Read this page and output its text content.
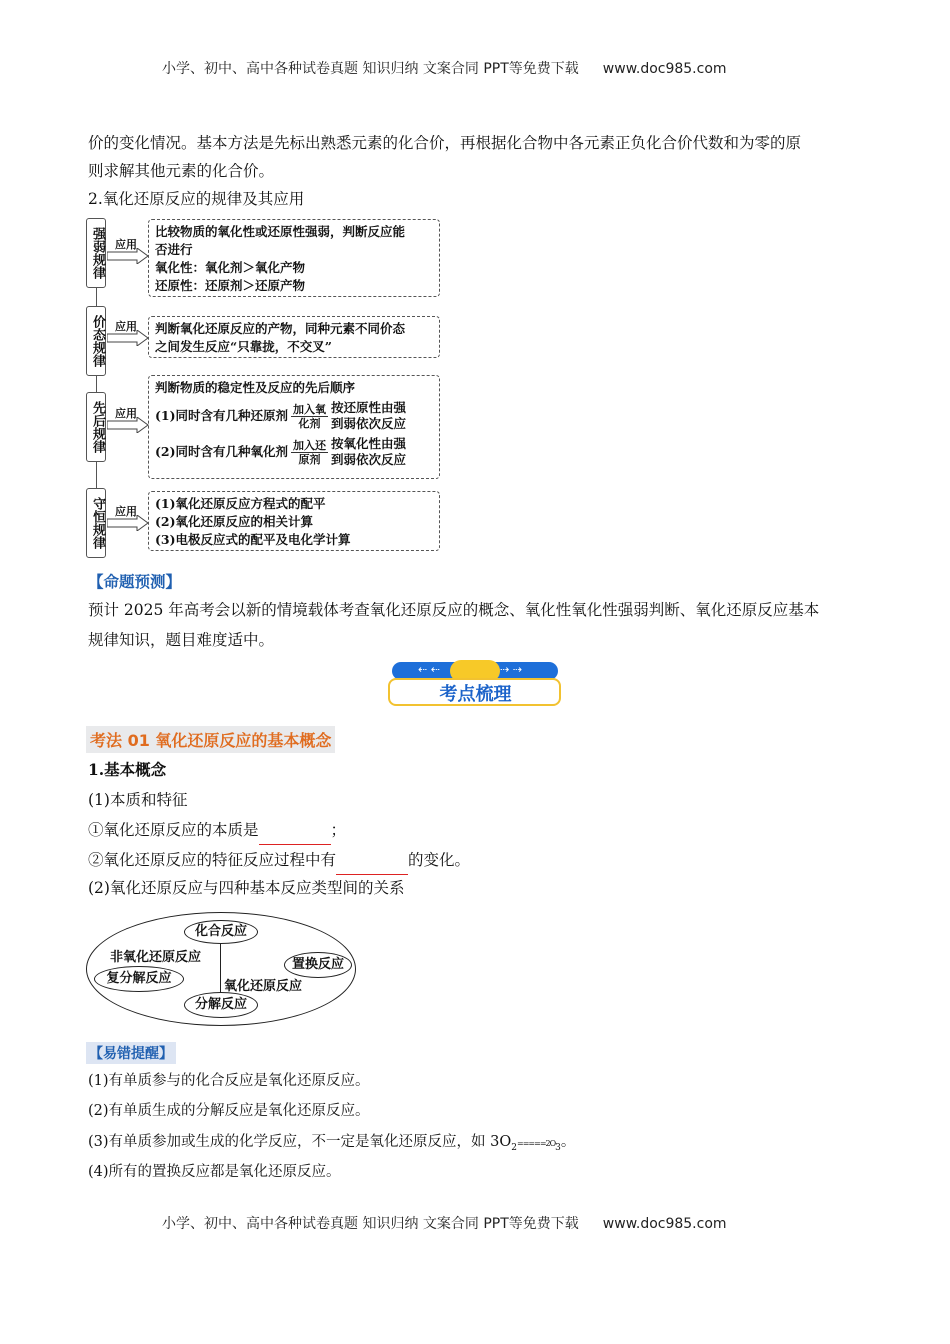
小学、初中、高中各种试卷真题 知识归纳 文案合同 PPT等免费下载 www.doc985.com
价的变化情况。基本方法是先标出熟悉元素的化合价，再根据化合物中各元素正负化合价代数和为零的原
则求解其他元素的化合价。
2.氧化还原反应的规律及其应用
强弱规律 应用
比较物质的氧化性或还原性强弱，判断反应能
否进行
氧化性：氧化剂＞氧化产物
还原性：还原剂＞还原产物
价态规律 应用 判断氧化还原反应的产物，同种元素不同价态
之间发生反应“只靠拢，不交叉”
先后规律 应用
判断物质的稳定性及反应的先后顺序
(1)同时含有几种还原剂 $\frac{\text{加入氧}}{\text{化剂}}$ 按还原性由强
到弱依次反应
(2)同时含有几种氧化剂 $\frac{\text{加入还}}{\text{原剂}}$ 按氧化性由强
到弱依次反应
守恒规律 应用
(1)氧化还原反应方程式的配平
(2)氧化还原反应的相关计算
(3)电极反应式的配平及电化学计算
【命题预测】
预计 2025 年高考会以新的情境载体考查氧化还原反应的概念、氧化性氧化性强弱判断、氧化还原反应基本
规律知识，题目难度适中。
⇠ ⇠	⇢ ⇢
考点梳理
考法 01 氧化还原反应的基本概念
1.基本概念
(1)本质和特征
①氧化还原反应的本质是	；
②氧化还原反应的特征反应过程中有	的变化。
(2)氧化还原反应与四种基本反应类型间的关系
化合反应
非氧化还原反应
复分解反应
置换反应
氧化还原反应
分解反应
【易错提醒】
(1)有单质参与的化合反应是氧化还原反应。
(2)有单质生成的分解反应是氧化还原反应。
(3)有单质参加或生成的化学反应，不一定是氧化还原反应，如 $3O_2=====2O_3$。
(4)所有的置换反应都是氧化还原反应。
小学、初中、高中各种试卷真题 知识归纳 文案合同 PPT等免费下载 www.doc985.com
